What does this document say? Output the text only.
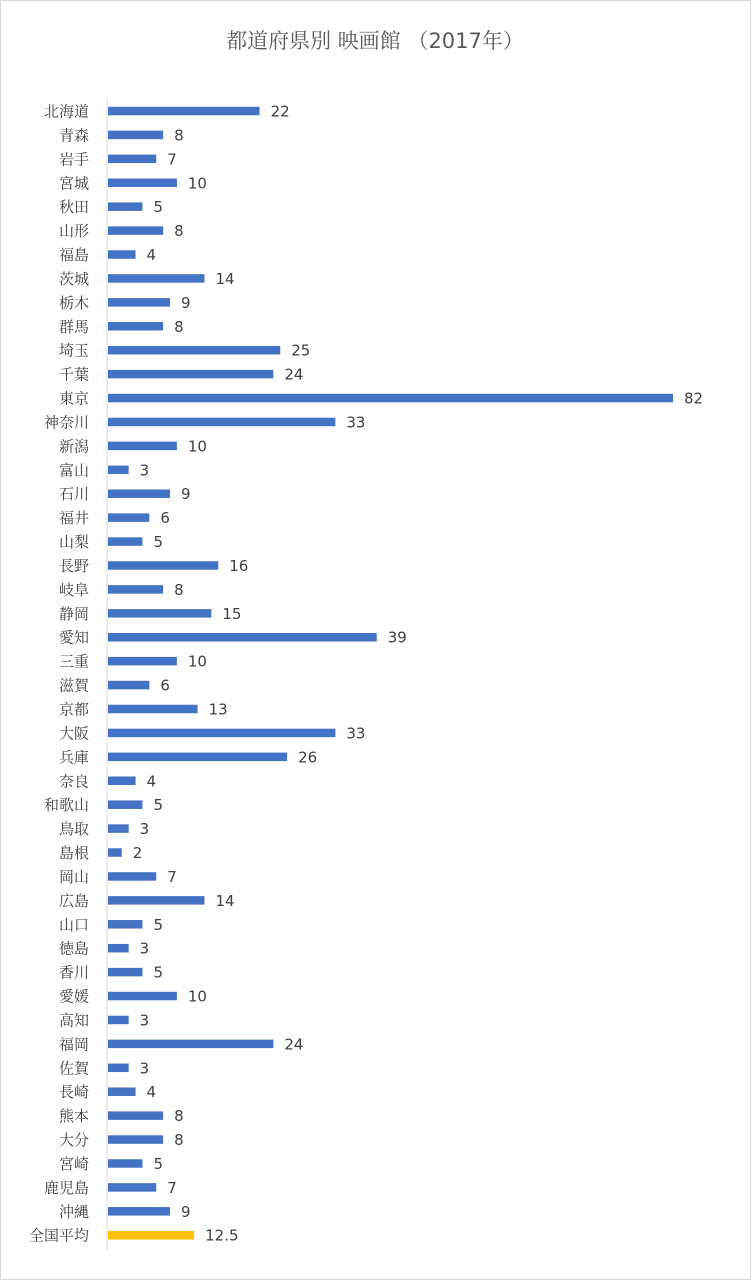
都道府県別 映画館 （2017年）
北海道	22
青森	8
岩手	7
宮城	10
秋田	5
山形	8
福島	4
茨城	14
栃木	9
群馬	8
埼玉	25
千葉	24
東京	82
神奈川	33
新潟	10
富山	3
石川	9
福井	6
山梨	5
長野	16
岐阜	8
静岡	15
愛知	39
三重	10
滋賀	6
京都	13
大阪	33
兵庫	26
奈良	4
和歌山	5
鳥取	3
島根	2
岡山	7
広島	14
山口	5
徳島	3
香川	5
愛媛	10
高知	3
福岡	24
佐賀	3
長崎	4
熊本	8
大分	8
宮崎	5
鹿児島	7
沖縄	9
全国平均	12.5
